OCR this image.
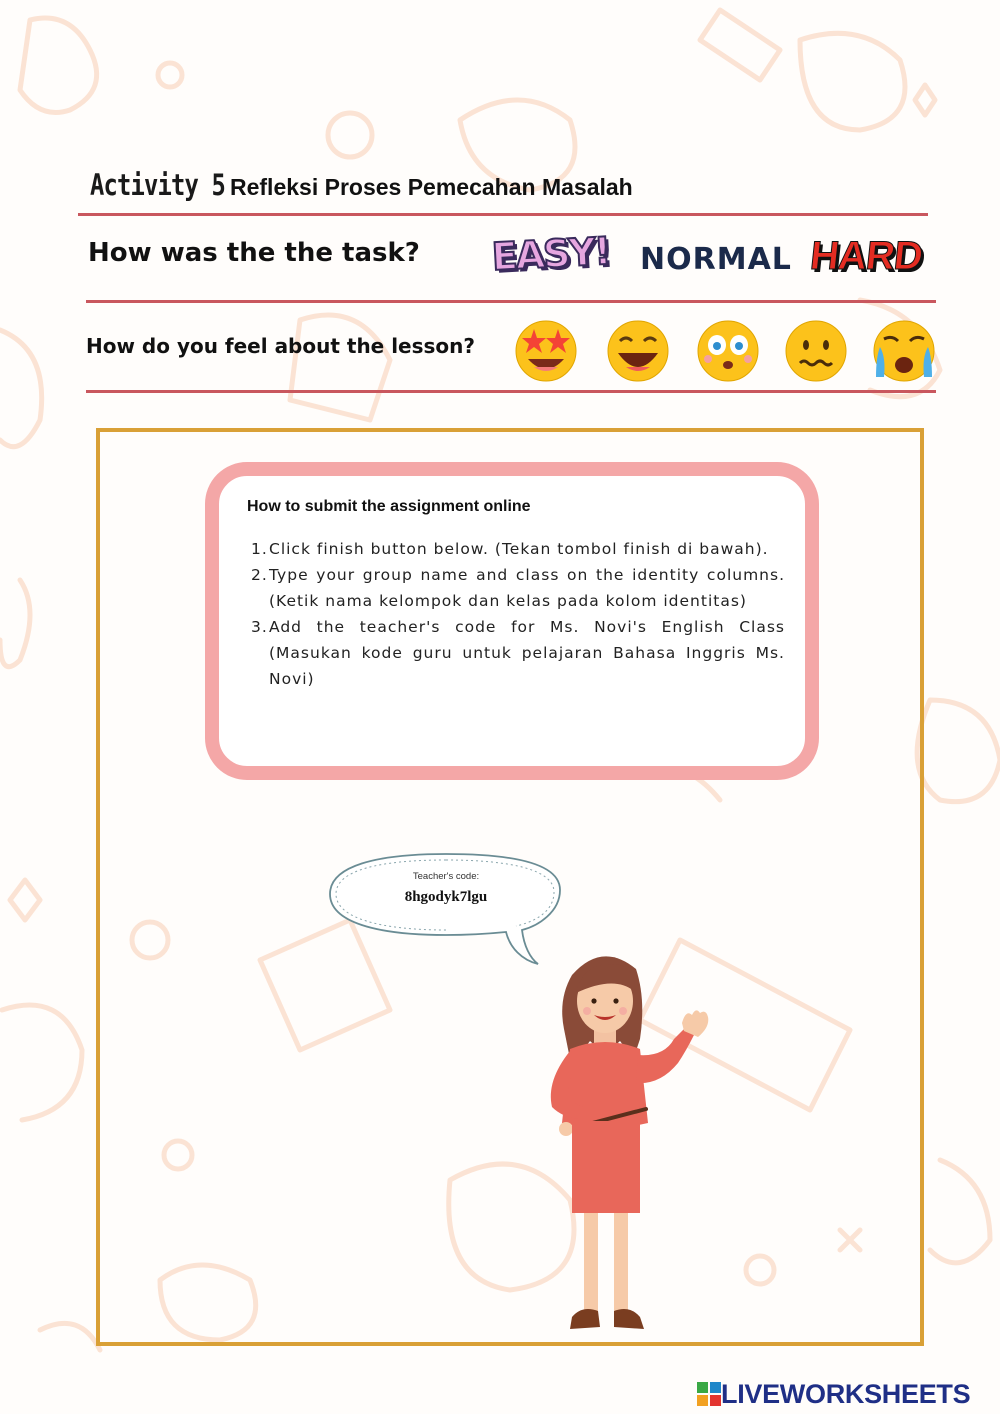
Activity 5 Refleksi Proses Pemecahan Masalah
How was the the task? EASY! NORMAL HARD
How do you feel about the lesson?
How to submit the assignment online
1. Click finish button below. (Tekan tombol finish di bawah).
2. Type your group name and class on the identity columns. (Ketik nama kelompok dan kelas pada kolom identitas)
3. Add the teacher's code for Ms. Novi's English Class (Masukan kode guru untuk pelajaran Bahasa Inggris Ms. Novi)
Teacher's code:
8hgodyk7lgu
LIVEWORKSHEETS
